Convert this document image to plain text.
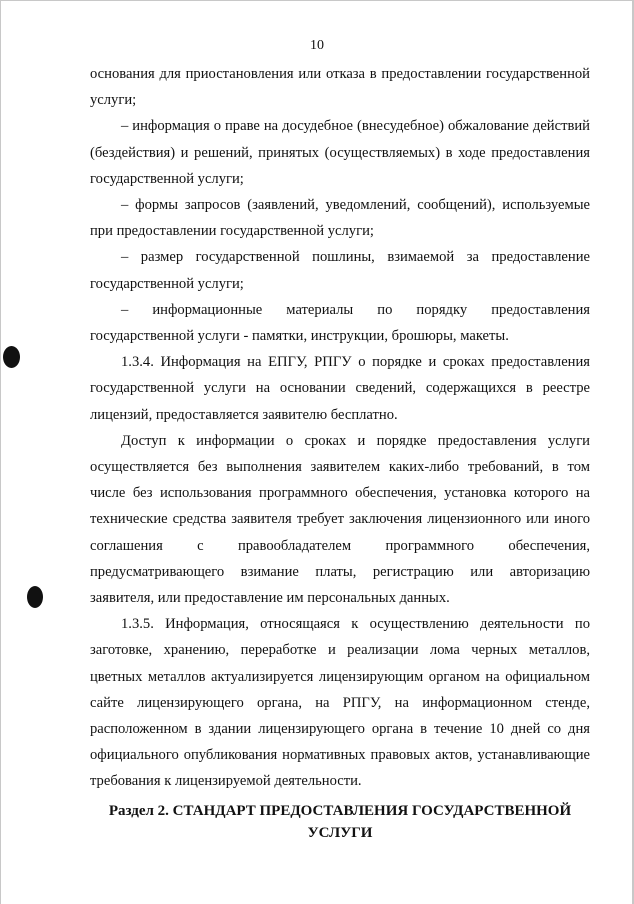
10

основания для приостановления или отказа в предоставлении государственной услуги;

– информация о праве на досудебное (внесудебное) обжалование действий (бездействия) и решений, принятых (осуществляемых) в ходе предоставления государственной услуги;

– формы запросов (заявлений, уведомлений, сообщений), используемые при предоставлении государственной услуги;

– размер государственной пошлины, взимаемой за предоставление государственной услуги;

– информационные материалы по порядку предоставления государственной услуги - памятки, инструкции, брошюры, макеты.

1.3.4. Информация на ЕПГУ, РПГУ о порядке и сроках предоставления государственной услуги на основании сведений, содержащихся в реестре лицензий, предоставляется заявителю бесплатно.

Доступ к информации о сроках и порядке предоставления услуги осуществляется без выполнения заявителем каких-либо требований, в том числе без использования программного обеспечения, установка которого на технические средства заявителя требует заключения лицензионного или иного соглашения с правообладателем программного обеспечения, предусматривающего взимание платы, регистрацию или авторизацию заявителя, или предоставление им персональных данных.

1.3.5. Информация, относящаяся к осуществлению деятельности по заготовке, хранению, переработке и реализации лома черных металлов, цветных металлов актуализируется лицензирующим органом на официальном сайте лицензирующего органа, на РПГУ, на информационном стенде, расположенном в здании лицензирующего органа в течение 10 дней со дня официального опубликования нормативных правовых актов, устанавливающие требования к лицензируемой деятельности.

Раздел 2. СТАНДАРТ ПРЕДОСТАВЛЕНИЯ ГОСУДАРСТВЕННОЙ
УСЛУГИ
